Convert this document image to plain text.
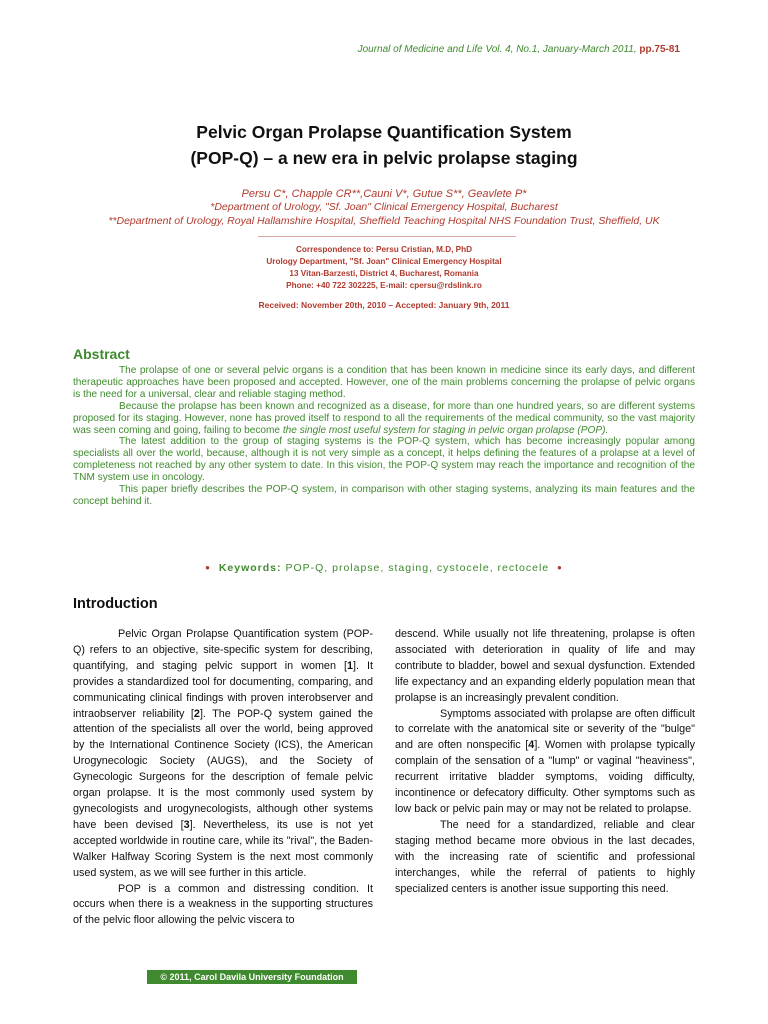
Journal of Medicine and Life Vol. 4, No.1, January-March 2011, pp.75-81
Pelvic Organ Prolapse Quantification System
(POP-Q) – a new era in pelvic prolapse staging
Persu C*, Chapple CR**,Cauni V*, Gutue S**, Geavlete P*
*Department of Urology, "Sf. Joan" Clinical Emergency Hospital, Bucharest
**Department of Urology, Royal Hallamshire Hospital, Sheffield Teaching Hospital NHS Foundation Trust, Sheffield, UK
Correspondence to: Persu Cristian, M.D, PhD
Urology Department, "Sf. Joan" Clinical Emergency Hospital
13 Vitan-Barzesti, District 4, Bucharest, Romania
Phone: +40 722 302225, E-mail: cpersu@rdslink.ro
Received: November 20th, 2010 – Accepted: January 9th, 2011
Abstract

The prolapse of one or several pelvic organs is a condition that has been known in medicine since its early days, and different therapeutic approaches have been proposed and accepted. However, one of the main problems concerning the prolapse of pelvic organs is the need for a universal, clear and reliable staging method.

Because the prolapse has been known and recognized as a disease, for more than one hundred years, so are different systems proposed for its staging. However, none has proved itself to respond to all the requirements of the medical community, so the vast majority was seen coming and going, failing to become the single most useful system for staging in pelvic organ prolapse (POP).

The latest addition to the group of staging systems is the POP-Q system, which has become increasingly popular among specialists all over the world, because, although it is not very simple as a concept, it helps defining the features of a prolapse at a level of completeness not reached by any other system to date. In this vision, the POP-Q system may reach the importance and recognition of the TNM system use in oncology.

This paper briefly describes the POP-Q system, in comparison with other staging systems, analyzing its main features and the concept behind it.

● Keywords: POP-Q, prolapse, staging, cystocele, rectocele ●
Introduction

Pelvic Organ Prolapse Quantification system (POP-Q) refers to an objective, site-specific system for describing, quantifying, and staging pelvic support in women [1]. It provides a standardized tool for documenting, comparing, and communicating clinical findings with proven interobserver and intraobserver reliability [2]. The POP-Q system gained the attention of the specialists all over the world, being approved by the International Continence Society (ICS), the American Urogynecologic Society (AUGS), and the Society of Gynecologic Surgeons for the description of female pelvic organ prolapse. It is the most commonly used system by gynecologists and urogynecologists, although other systems have been devised [3]. Nevertheless, its use is not yet accepted worldwide in routine care, while its "rival", the Baden-Walker Halfway Scoring System is the next most commonly used system, as we will see further in this article.

POP is a common and distressing condition. It occurs when there is a weakness in the supporting structures of the pelvic floor allowing the pelvic viscera to

descend. While usually not life threatening, prolapse is often associated with deterioration in quality of life and may contribute to bladder, bowel and sexual dysfunction. Extended life expectancy and an expanding elderly population mean that prolapse is an increasingly prevalent condition.

Symptoms associated with prolapse are often difficult to correlate with the anatomical site or severity of the "bulge" and are often nonspecific [4]. Women with prolapse typically complain of the sensation of a "lump" or vaginal "heaviness", recurrent irritative bladder symptoms, voiding difficulty, incontinence or defecatory difficulty. Other symptoms such as low back or pelvic pain may or may not be related to prolapse.

The need for a standardized, reliable and clear staging method became more obvious in the last decades, with the increasing rate of scientific and professional interchanges, while the referral of patients to highly specialized centers is another issue supporting this need.

© 2011, Carol Davila University Foundation
